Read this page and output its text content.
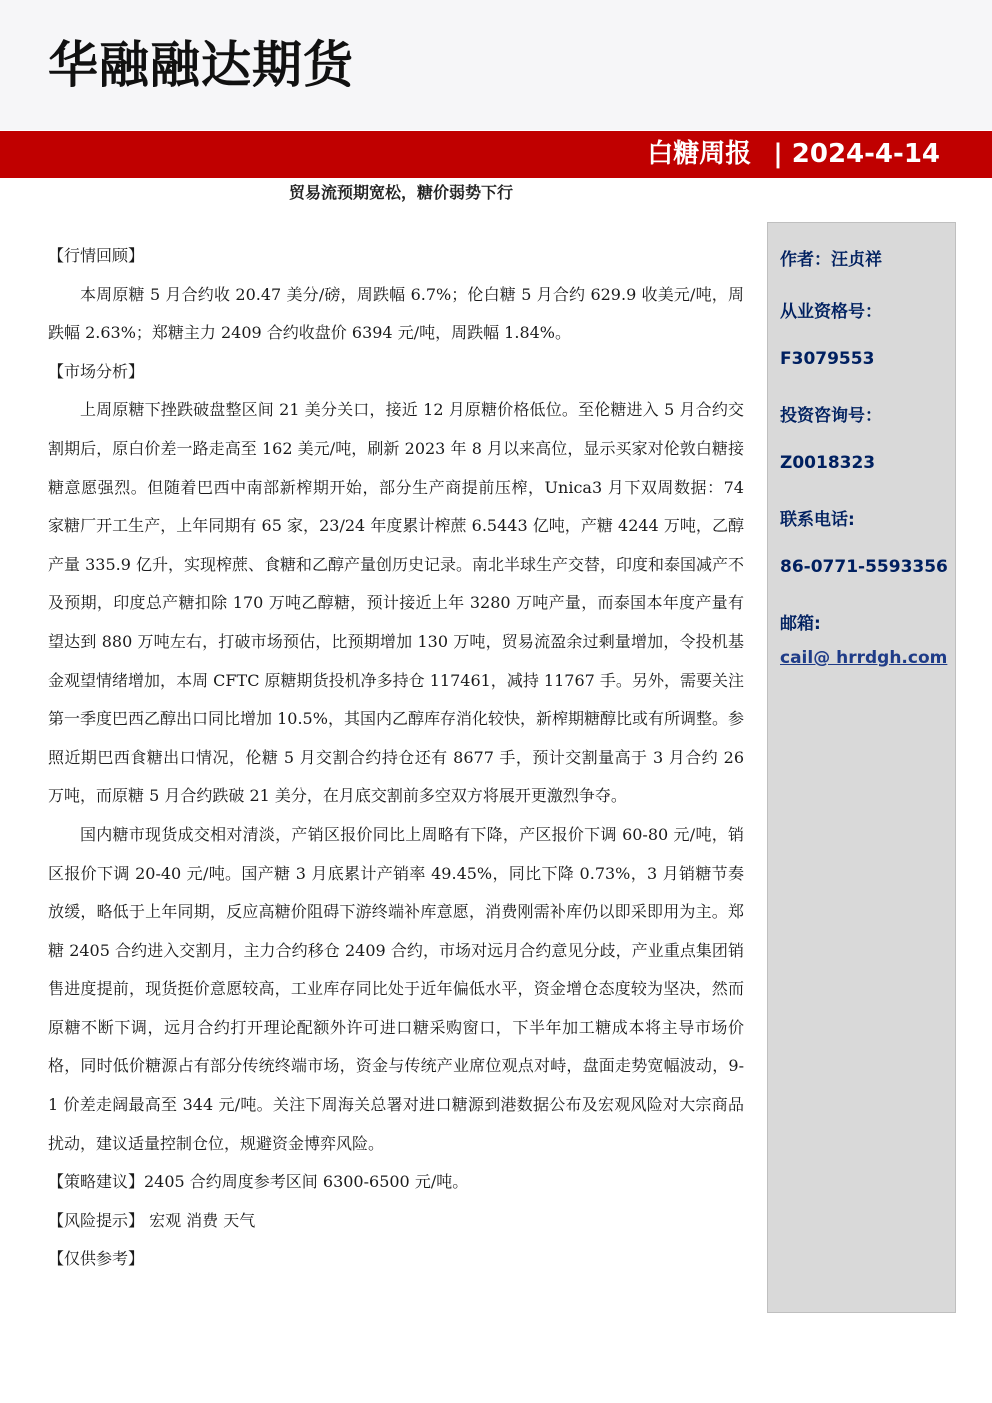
华融融达期货
白糖周报 | 2024-4-14

贸易流预期宽松，糖价弱势下行

【行情回顾】

本周原糖 5 月合约收 20.47 美分/磅，周跌幅 6.7%；伦白糖 5 月合约 629.9 收美元/吨，周跌幅 2.63%；郑糖主力 2409 合约收盘价 6394 元/吨，周跌幅 1.84%。

【市场分析】

上周原糖下挫跌破盘整区间 21 美分关口，接近 12 月原糖价格低位。至伦糖进入 5 月合约交割期后，原白价差一路走高至 162 美元/吨，刷新 2023 年 8 月以来高位，显示买家对伦敦白糖接糖意愿强烈。但随着巴西中南部新榨期开始，部分生产商提前压榨，Unica3 月下双周数据：74 家糖厂开工生产，上年同期有 65 家，23/24 年度累计榨蔗 6.5443 亿吨，产糖 4244 万吨，乙醇产量 335.9 亿升，实现榨蔗、食糖和乙醇产量创历史记录。南北半球生产交替，印度和泰国减产不及预期，印度总产糖扣除 170 万吨乙醇糖，预计接近上年 3280 万吨产量，而泰国本年度产量有 望达到 880 万吨左右，打破市场预估，比预期增加 130 万吨，贸易流盈余过剩量增加，令投机基金观望情绪增加，本周 CFTC 原糖期货投机净多持仓 117461，减持 11767 手。另外，需要关注第一季度巴西乙醇出口同比增加 10.5%，其国内乙醇库存消化较快，新榨期糖醇比或有所调整。参照近期巴西食糖出口情况，伦糖 5 月交割合约持仓还有 8677 手，预计交割量高于 3 月合约 26 万吨，而原糖 5 月合约跌破 21 美分，在月底交割前多空双方将展开更激烈争夺。

国内糖市现货成交相对清淡，产销区报价同比上周略有下降，产区报价下调 60-80 元/吨，销区报价下调 20-40 元/吨。国产糖 3 月底累计产销率 49.45%，同比下降 0.73%，3 月销糖节奏放缓，略低于上年同期，反应高糖价阻碍下游终端补库意愿，消费刚需补库仍以即采即用为主。郑糖 2405 合约进入交割月，主力合约移仓 2409 合约，市场对远月合约意见分歧，产业重点集团销售进度提前，现货挺价意愿较高，工业库存同比处于近年偏低水平，资金增仓态度较为坚决，然而原糖不断下调，远月合约打开理论配额外许可进口糖采购窗口，下半年加工糖成本将主导市场价格，同时低价糖源占有部分传统终端市场，资金与传统产业席位观点对峙，盘面走势宽幅波动，9-1 价差走阔最高至 344 元/吨。关注下周海关总署对进口糖源到港数据公布及宏观风险对大宗商品扰动，建议适量控制仓位，规避资金博弈风险。

【策略建议】2405 合约周度参考区间 6300-6500 元/吨。

【风险提示】 宏观 消费 天气

【仅供参考】

作者：汪贞祥
从业资格号：
F3079553
投资咨询号：
Z0018323
联系电话:
86-0771-5593356
邮箱:
cail@ hrrdgh.com
